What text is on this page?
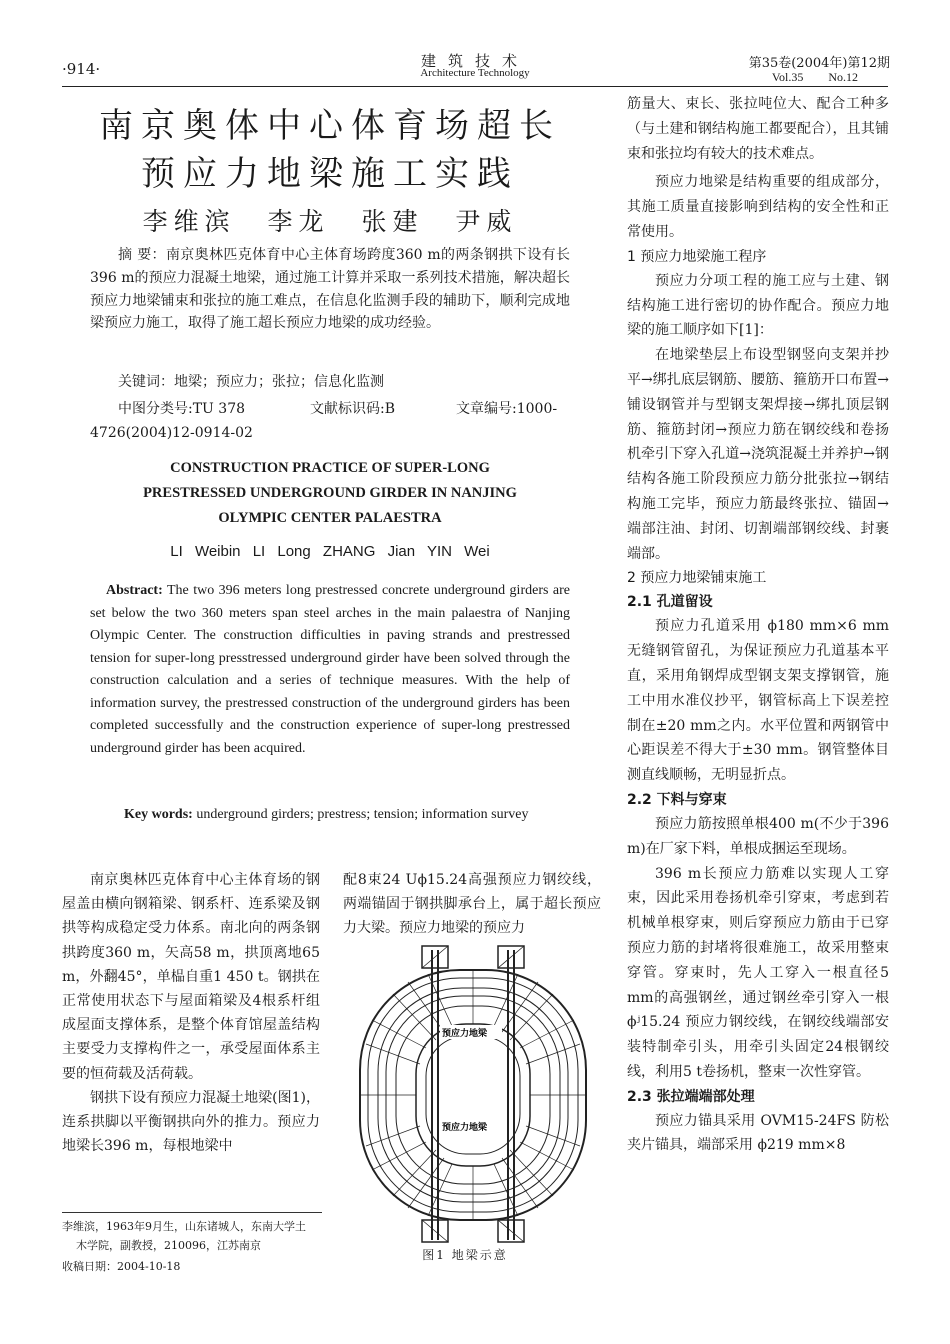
·914·	建筑技术
Architecture Technology
第35卷(2004年)第12期
Vol.35 No.12
南京奥体中心体育场超长
预应力地梁施工实践
李维滨 李龙 张建 尹威
摘 要：南京奥林匹克体育中心主体育场跨度360 m的两条钢拱下设有长396 m的预应力混凝土地梁，通过施工计算并采取一系列技术措施，解决超长预应力地梁铺束和张拉的施工难点，在信息化监测手段的辅助下，顺利完成地梁预应力施工，取得了施工超长预应力地梁的成功经验。
关键词：地梁；预应力；张拉；信息化监测
中图分类号:TU 378	文献标识码:B	文章编号:1000-
4726(2004)12-0914-02
CONSTRUCTION PRACTICE OF SUPER-LONG
PRESTRESSED UNDERGROUND GIRDER IN NANJING
OLYMPIC CENTER PALAESTRA
LI Weibin LI Long ZHANG Jian YIN Wei
Abstract: The two 396 meters long prestressed concrete underground girders are set below the two 360 meters span steel arches in the main palaestra of Nanjing Olympic Center. The construction difficulties in paving strands and prestressed tension for super-long presstressed underground girder have been solved through the construction calculation and a series of technique measures. With the help of information survey, the prestressed construction of the underground girders has been completed successfully and the construction experience of super-long prestressed underground girder has been acquired.
Key words: underground girders; prestress; tension; information survey
南京奥林匹克体育中心主体育场的钢屋盖由横向钢箱梁、钢系杆、连系梁及钢拱等构成稳定受力体系。南北向的两条钢拱跨度360 m，矢高58 m，拱顶离地65 m，外翻45°，单榀自重1 450 t。钢拱在正常使用状态下与屋面箱梁及4根系杆组成屋面支撑体系，是整个体育馆屋盖结构主要受力支撑构件之一，承受屋面体系主要的恒荷载及活荷载。
钢拱下设有预应力混凝土地梁(图1)，连系拱脚以平衡钢拱向外的推力。预应力地梁长396 m，每根地梁中
配8束24 Uϕ15.24高强预应力钢绞线，两端锚固于钢拱脚承台上，属于超长预应力大梁。预应力地梁的预应力
预应力地梁
预应力地梁
图1 地梁示意
李维滨，1963年9月生，山东诸城人，东南大学土
木学院，副教授，210096，江苏南京
收稿日期：2004-10-18
筋量大、束长、张拉吨位大、配合工种多（与土建和钢结构施工都要配合），且其铺束和张拉均有较大的技术难点。
预应力地梁是结构重要的组成部分，其施工质量直接影响到结构的安全性和正常使用。
1 预应力地梁施工程序
预应力分项工程的施工应与土建、钢结构施工进行密切的协作配合。预应力地梁的施工顺序如下[1]：
在地梁垫层上布设型钢竖向支架并抄平→绑扎底层钢筋、腰筋、箍筋开口布置→铺设钢管并与型钢支架焊接→绑扎顶层钢筋、箍筋封闭→预应力筋在钢绞线和卷扬机牵引下穿入孔道→浇筑混凝土并养护→钢结构各施工阶段预应力筋分批张拉→钢结构施工完毕，预应力筋最终张拉、锚固→端部注油、封闭、切割端部钢绞线、封裹端部。
2 预应力地梁铺束施工
2.1 孔道留设
预应力孔道采用 ϕ180 mm×6 mm无缝钢管留孔，为保证预应力孔道基本平直，采用角钢焊成型钢支架支撑钢管，施工中用水准仪抄平，钢管标高上下误差控制在±20 mm之内。水平位置和两钢管中心距误差不得大于±30 mm。钢管整体目测直线顺畅，无明显折点。
2.2 下料与穿束
预应力筋按照单根400 m(不少于396 m)在厂家下料，单根成捆运至现场。
396 m长预应力筋难以实现人工穿束，因此采用卷扬机牵引穿束，考虑到若机械单根穿束，则后穿预应力筋由于已穿预应力筋的封堵将很难施工，故采用整束穿管。穿束时，先人工穿入一根直径5 mm的高强钢丝，通过钢丝牵引穿入一根 ϕʲ15.24 预应力钢绞线，在钢绞线端部安装特制牵引头，用牵引头固定24根钢绞线，利用5 t卷扬机，整束一次性穿管。
2.3 张拉端端部处理
预应力锚具采用 OVM15-24FS 防松夹片锚具，端部采用 ϕ219 mm×8
